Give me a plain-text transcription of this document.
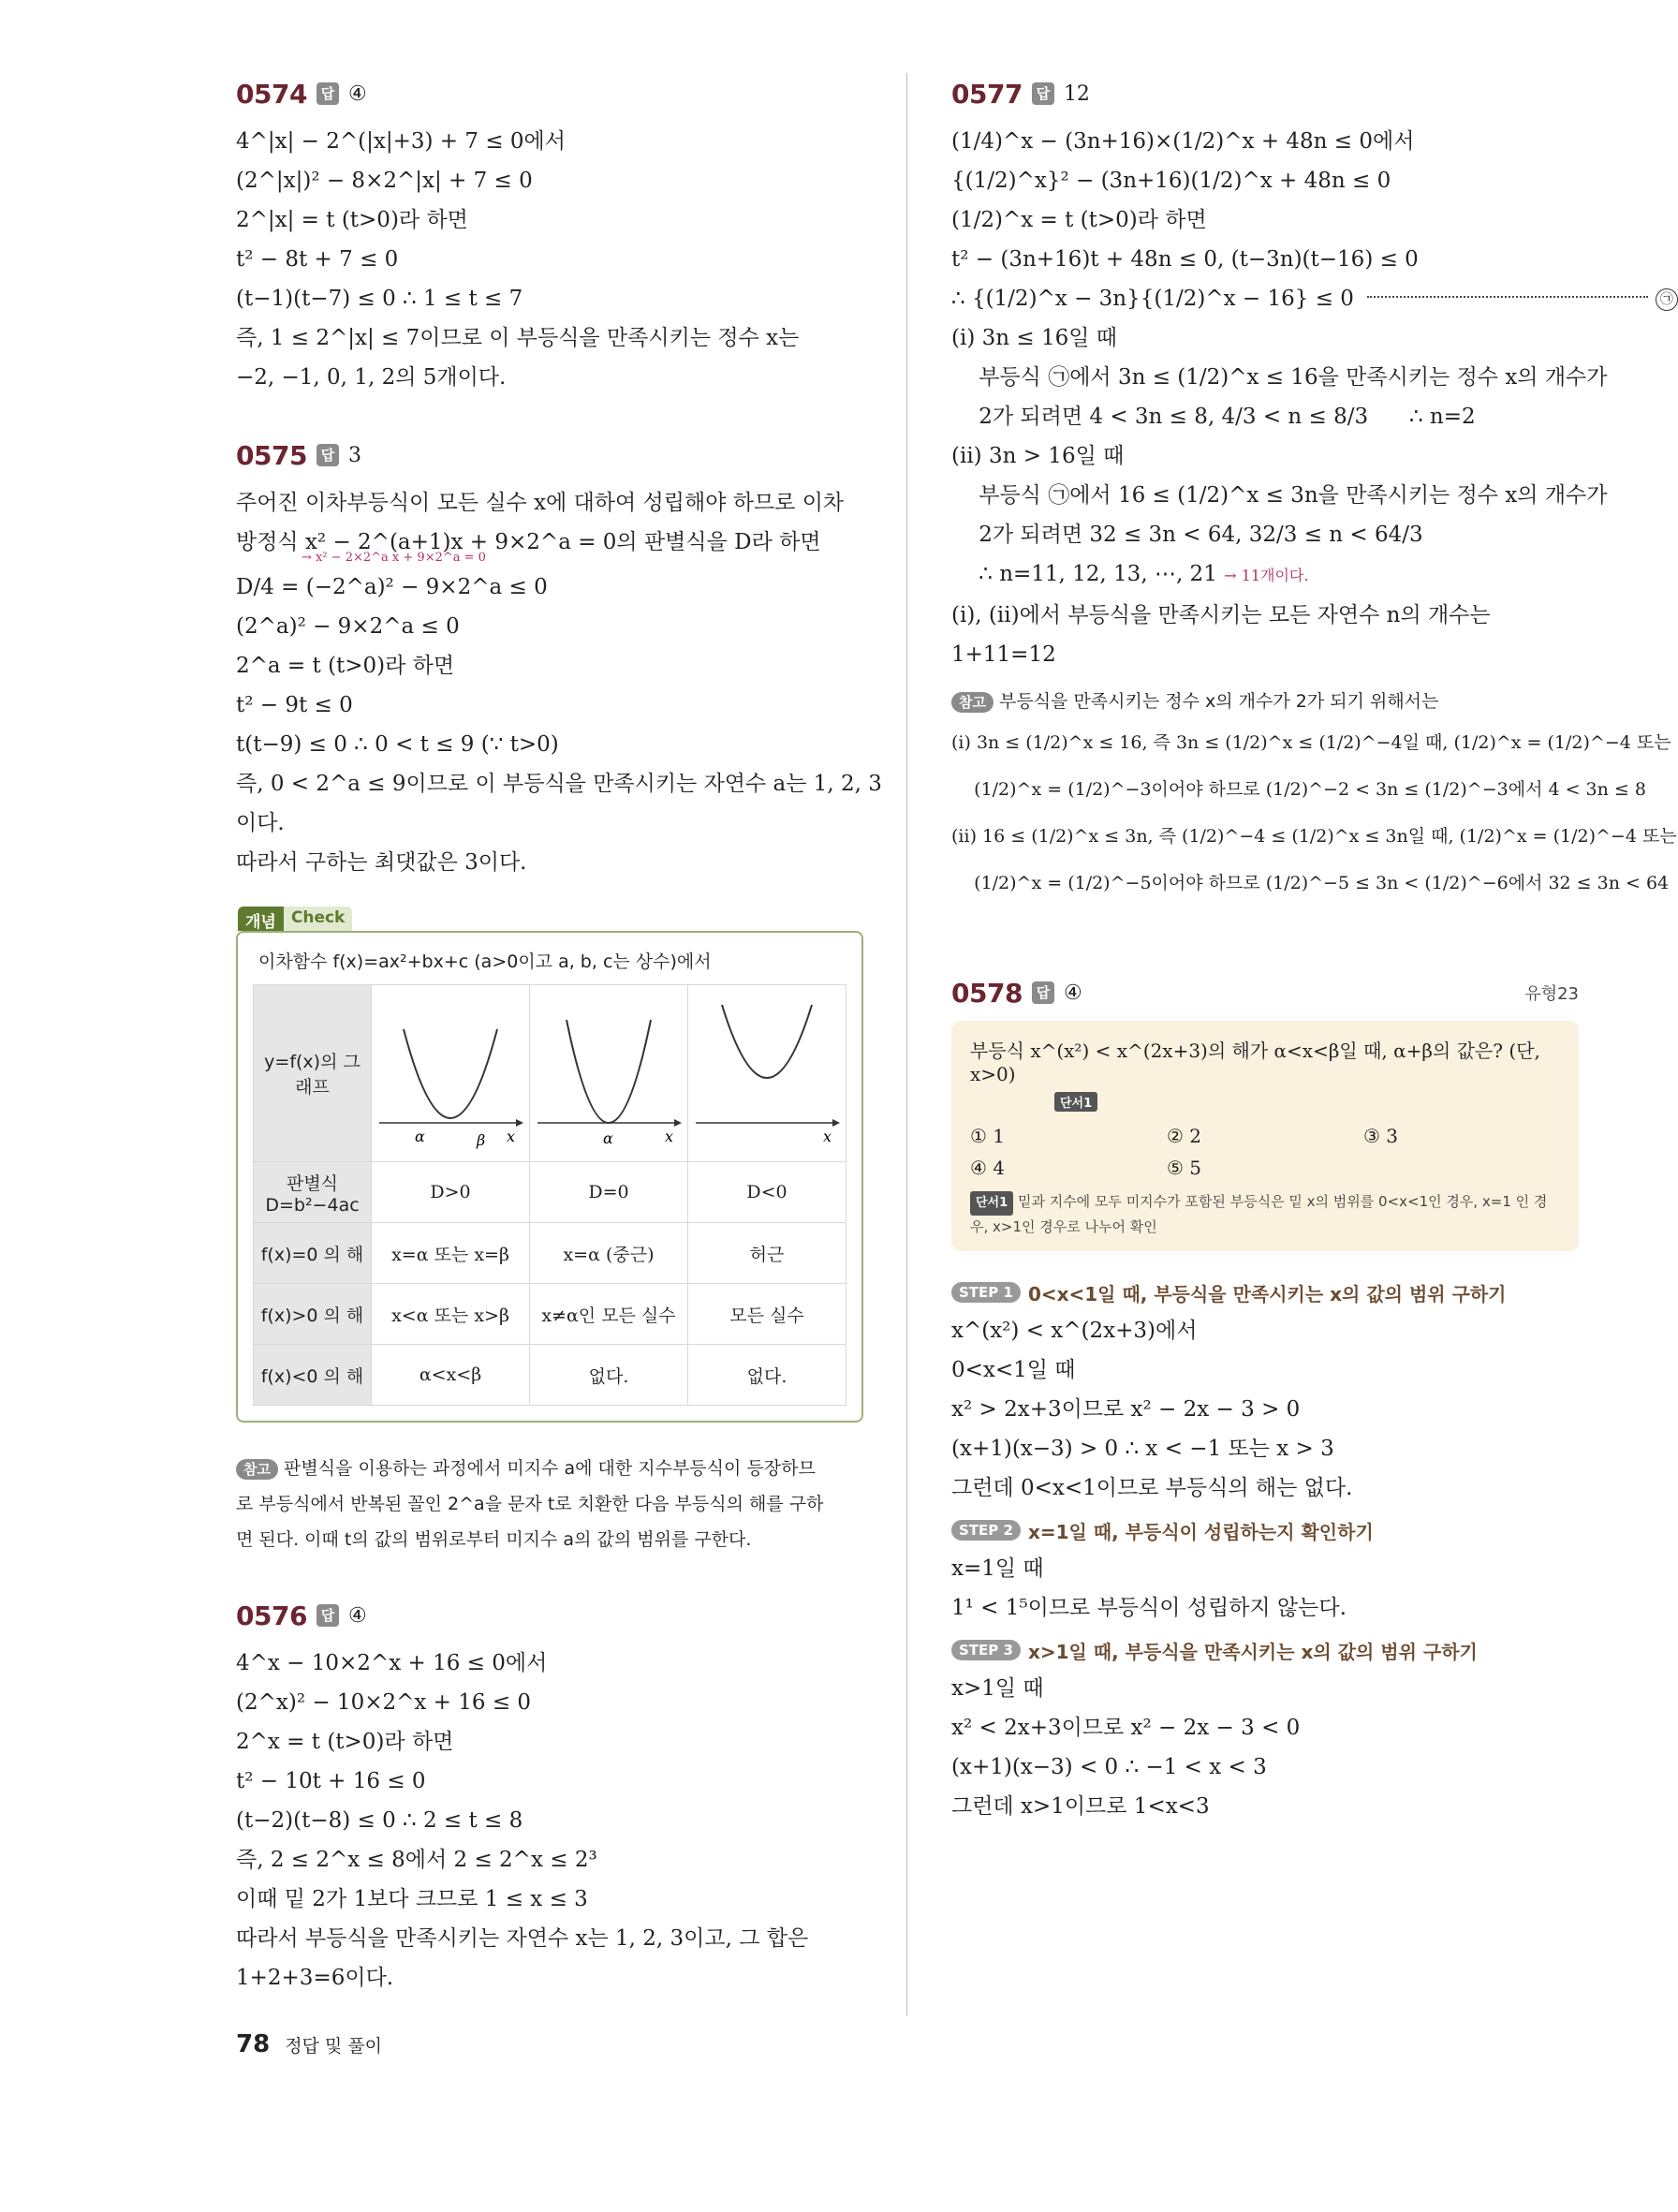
0574 답 ④
4^|x| − 2^(|x|+3) + 7 ≤ 0에서
(2^|x|)² − 8×2^|x| + 7 ≤ 0
2^|x| = t (t>0)라 하면
t² − 8t + 7 ≤ 0
(t−1)(t−7) ≤ 0 ∴ 1 ≤ t ≤ 7
즉, 1 ≤ 2^|x| ≤ 7이므로 이 부등식을 만족시키는 정수 x는
−2, −1, 0, 1, 2의 5개이다.
0575 답 3
주어진 이차부등식이 모든 실수 x에 대하여 성립해야 하므로 이차
방정식 x² − 2^(a+1)x + 9×2^a = 0의 판별식을 D라 하면
→ x² − 2×2^a x + 9×2^a = 0
D/4 = (−2^a)² − 9×2^a ≤ 0
(2^a)² − 9×2^a ≤ 0
2^a = t (t>0)라 하면
t² − 9t ≤ 0
t(t−9) ≤ 0 ∴ 0 < t ≤ 9 (∵ t>0)
즉, 0 < 2^a ≤ 9이므로 이 부등식을 만족시키는 자연수 a는 1, 2, 3
이다.
따라서 구하는 최댓값은 3이다.
개념 Check
이차함수 f(x)=ax²+bx+c (a>0이고 a, b, c는 상수)에서
y=f(x)의 그래프	α β x	α x	x

판별식 D=b²−4ac	D>0	D=0	D<0
f(x)=0 의 해	x=α 또는 x=β	x=α (중근)	허근
f(x)>0 의 해	x<α 또는 x>β	x≠α인 모든 실수	모든 실수
f(x)<0 의 해	α<x<β	없다.	없다.
참고 판별식을 이용하는 과정에서 미지수 a에 대한 지수부등식이 등장하므
로 부등식에서 반복된 꼴인 2^a을 문자 t로 치환한 다음 부등식의 해를 구하
면 된다. 이때 t의 값의 범위로부터 미지수 a의 값의 범위를 구한다.
0576 답 ④
4^x − 10×2^x + 16 ≤ 0에서
(2^x)² − 10×2^x + 16 ≤ 0
2^x = t (t>0)라 하면
t² − 10t + 16 ≤ 0
(t−2)(t−8) ≤ 0 ∴ 2 ≤ t ≤ 8
즉, 2 ≤ 2^x ≤ 8에서 2 ≤ 2^x ≤ 2³
이때 밑 2가 1보다 크므로 1 ≤ x ≤ 3
따라서 부등식을 만족시키는 자연수 x는 1, 2, 3이고, 그 합은
1+2+3=6이다.
0577 답 12
(1/4)^x − (3n+16)×(1/2)^x + 48n ≤ 0에서
{(1/2)^x}² − (3n+16)(1/2)^x + 48n ≤ 0
(1/2)^x = t (t>0)라 하면
t² − (3n+16)t + 48n ≤ 0, (t−3n)(t−16) ≤ 0
∴ {(1/2)^x − 3n}{(1/2)^x − 16} ≤ 0	㉠
(ⅰ) 3n ≤ 16일 때
부등식 ㉠에서 3n ≤ (1/2)^x ≤ 16을 만족시키는 정수 x의 개수가
2가 되려면 4 < 3n ≤ 8, 4/3 < n ≤ 8/3      ∴ n=2
(ⅱ) 3n > 16일 때
부등식 ㉠에서 16 ≤ (1/2)^x ≤ 3n을 만족시키는 정수 x의 개수가
2가 되려면 32 ≤ 3n < 64, 32/3 ≤ n < 64/3
∴ n=11, 12, 13, ⋯, 21 → 11개이다.
(ⅰ), (ⅱ)에서 부등식을 만족시키는 모든 자연수 n의 개수는
1+11=12
참고 부등식을 만족시키는 정수 x의 개수가 2가 되기 위해서는
(ⅰ) 3n ≤ (1/2)^x ≤ 16, 즉 3n ≤ (1/2)^x ≤ (1/2)^−4일 때, (1/2)^x = (1/2)^−4 또는
(1/2)^x = (1/2)^−3이어야 하므로 (1/2)^−2 < 3n ≤ (1/2)^−3에서 4 < 3n ≤ 8
(ⅱ) 16 ≤ (1/2)^x ≤ 3n, 즉 (1/2)^−4 ≤ (1/2)^x ≤ 3n일 때, (1/2)^x = (1/2)^−4 또는
(1/2)^x = (1/2)^−5이어야 하므로 (1/2)^−5 ≤ 3n < (1/2)^−6에서 32 ≤ 3n < 64
0578 답 ④	유형23
부등식 x^(x²) < x^(2x+3)의 해가 α<x<β일 때, α+β의 값은? (단, x>0)
단서1
① 1	② 2	③ 3
④ 4	⑤ 5
단서1 밑과 지수에 모두 미지수가 포함된 부등식은 밑 x의 범위를 0<x<1인 경우, x=1 인 경우, x>1인 경우로 나누어 확인
STEP 1 0<x<1일 때, 부등식을 만족시키는 x의 값의 범위 구하기
x^(x²) < x^(2x+3)에서
0<x<1일 때
x² > 2x+3이므로 x² − 2x − 3 > 0
(x+1)(x−3) > 0 ∴ x < −1 또는 x > 3
그런데 0<x<1이므로 부등식의 해는 없다.
STEP 2 x=1일 때, 부등식이 성립하는지 확인하기
x=1일 때
1¹ < 1⁵이므로 부등식이 성립하지 않는다.
STEP 3 x>1일 때, 부등식을 만족시키는 x의 값의 범위 구하기
x>1일 때
x² < 2x+3이므로 x² − 2x − 3 < 0
(x+1)(x−3) < 0 ∴ −1 < x < 3
그런데 x>1이므로 1<x<3
78 정답 및 풀이
